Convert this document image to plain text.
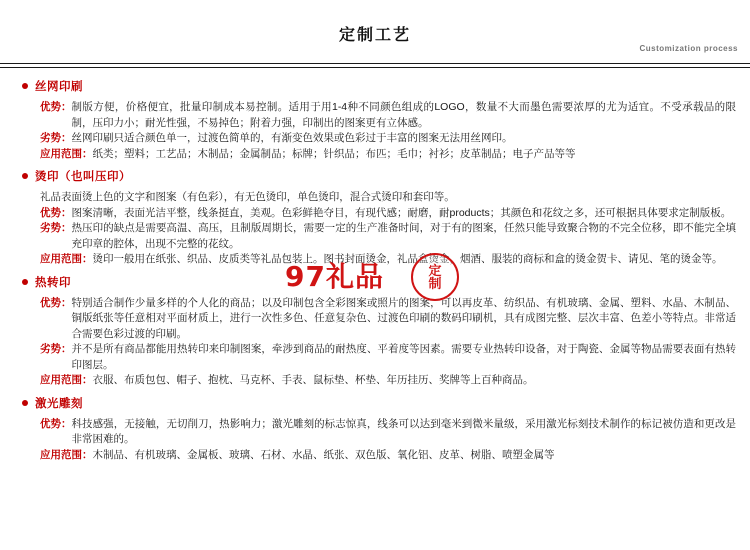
定制工艺
Customization process
丝网印刷
优势： 制版方便，价格便宜，批量印制成本易控制。适用于用1-4种不同颜色组成的LOGO，数量不大而墨色需要浓厚的尤为适宜。不受承载品的限制，压印力小；耐光性强，不易掉色；附着力强，印制出的图案更有立体感。
劣势： 丝网印刷只适合颜色单一，过渡色简单的，有渐变色效果或色彩过于丰富的图案无法用丝网印。
应用范围： 纸类；塑料；工艺品；木制品；金属制品；标牌；针织品；布匹；毛巾；衬衫；皮革制品；电子产品等等
烫印（也叫压印）
礼品表面烫上色的文字和图案（有色彩），有无色烫印，单色烫印，混合式烫印和套印等。
优势： 图案清晰，表面光洁平整，线条挺直，美观。色彩鲜艳夺目，有现代感；耐磨，耐products；其颜色和花纹之多，还可根据具体要求定制版板。
劣势： 热压印的缺点是需要高温、高压，且制版周期长，需要一定的生产准备时间，对于有的图案，任然只能导致聚合物的不完全位移，即不能完全填充印章的腔体，出现不完整的花纹。
应用范围： 烫印一般用在纸张、织品、皮质类等礼品包装上。图书封面烫金，礼品盒烫金，烟酒、服装的商标和盒的烫金贺卡、请见、笔的烫金等。
热转印
优势： 特别适合制作少量多样的个人化的商品；以及印制包含全彩图案或照片的图案，可以再皮革、纺织品、有机玻璃、金属、塑料、水晶、木制品、铜版纸张等任意相对平面材质上，进行一次性多色、任意复杂色、过渡色印刷的数码印刷机，具有成图完整、层次丰富、色差小等特点。非常适合需要色彩过渡的印刷。
劣势： 并不是所有商品都能用热转印来印制图案，牵涉到商品的耐热度、平着度等因素。需要专业热转印设备，对于陶瓷、金属等物品需要表面有热转印图层。
应用范围： 衣服、布质包包、帽子、抱枕、马克杯、手表、鼠标垫、杯垫、年历挂历、奖牌等上百种商品。
激光雕刻
优势： 科技感强，无接触，无切削刀，热影响力；激光雕刻的标志惊真，线条可以达到毫米到微米量级，采用激光标刻技术制作的标记被仿造和更改是非常困难的。
应用范围： 木制品、有机玻璃、金属板、玻璃、石材、水晶、纸张、双色版、氧化铝、皮革、树脂、喷塑金属等
97礼品	定制
